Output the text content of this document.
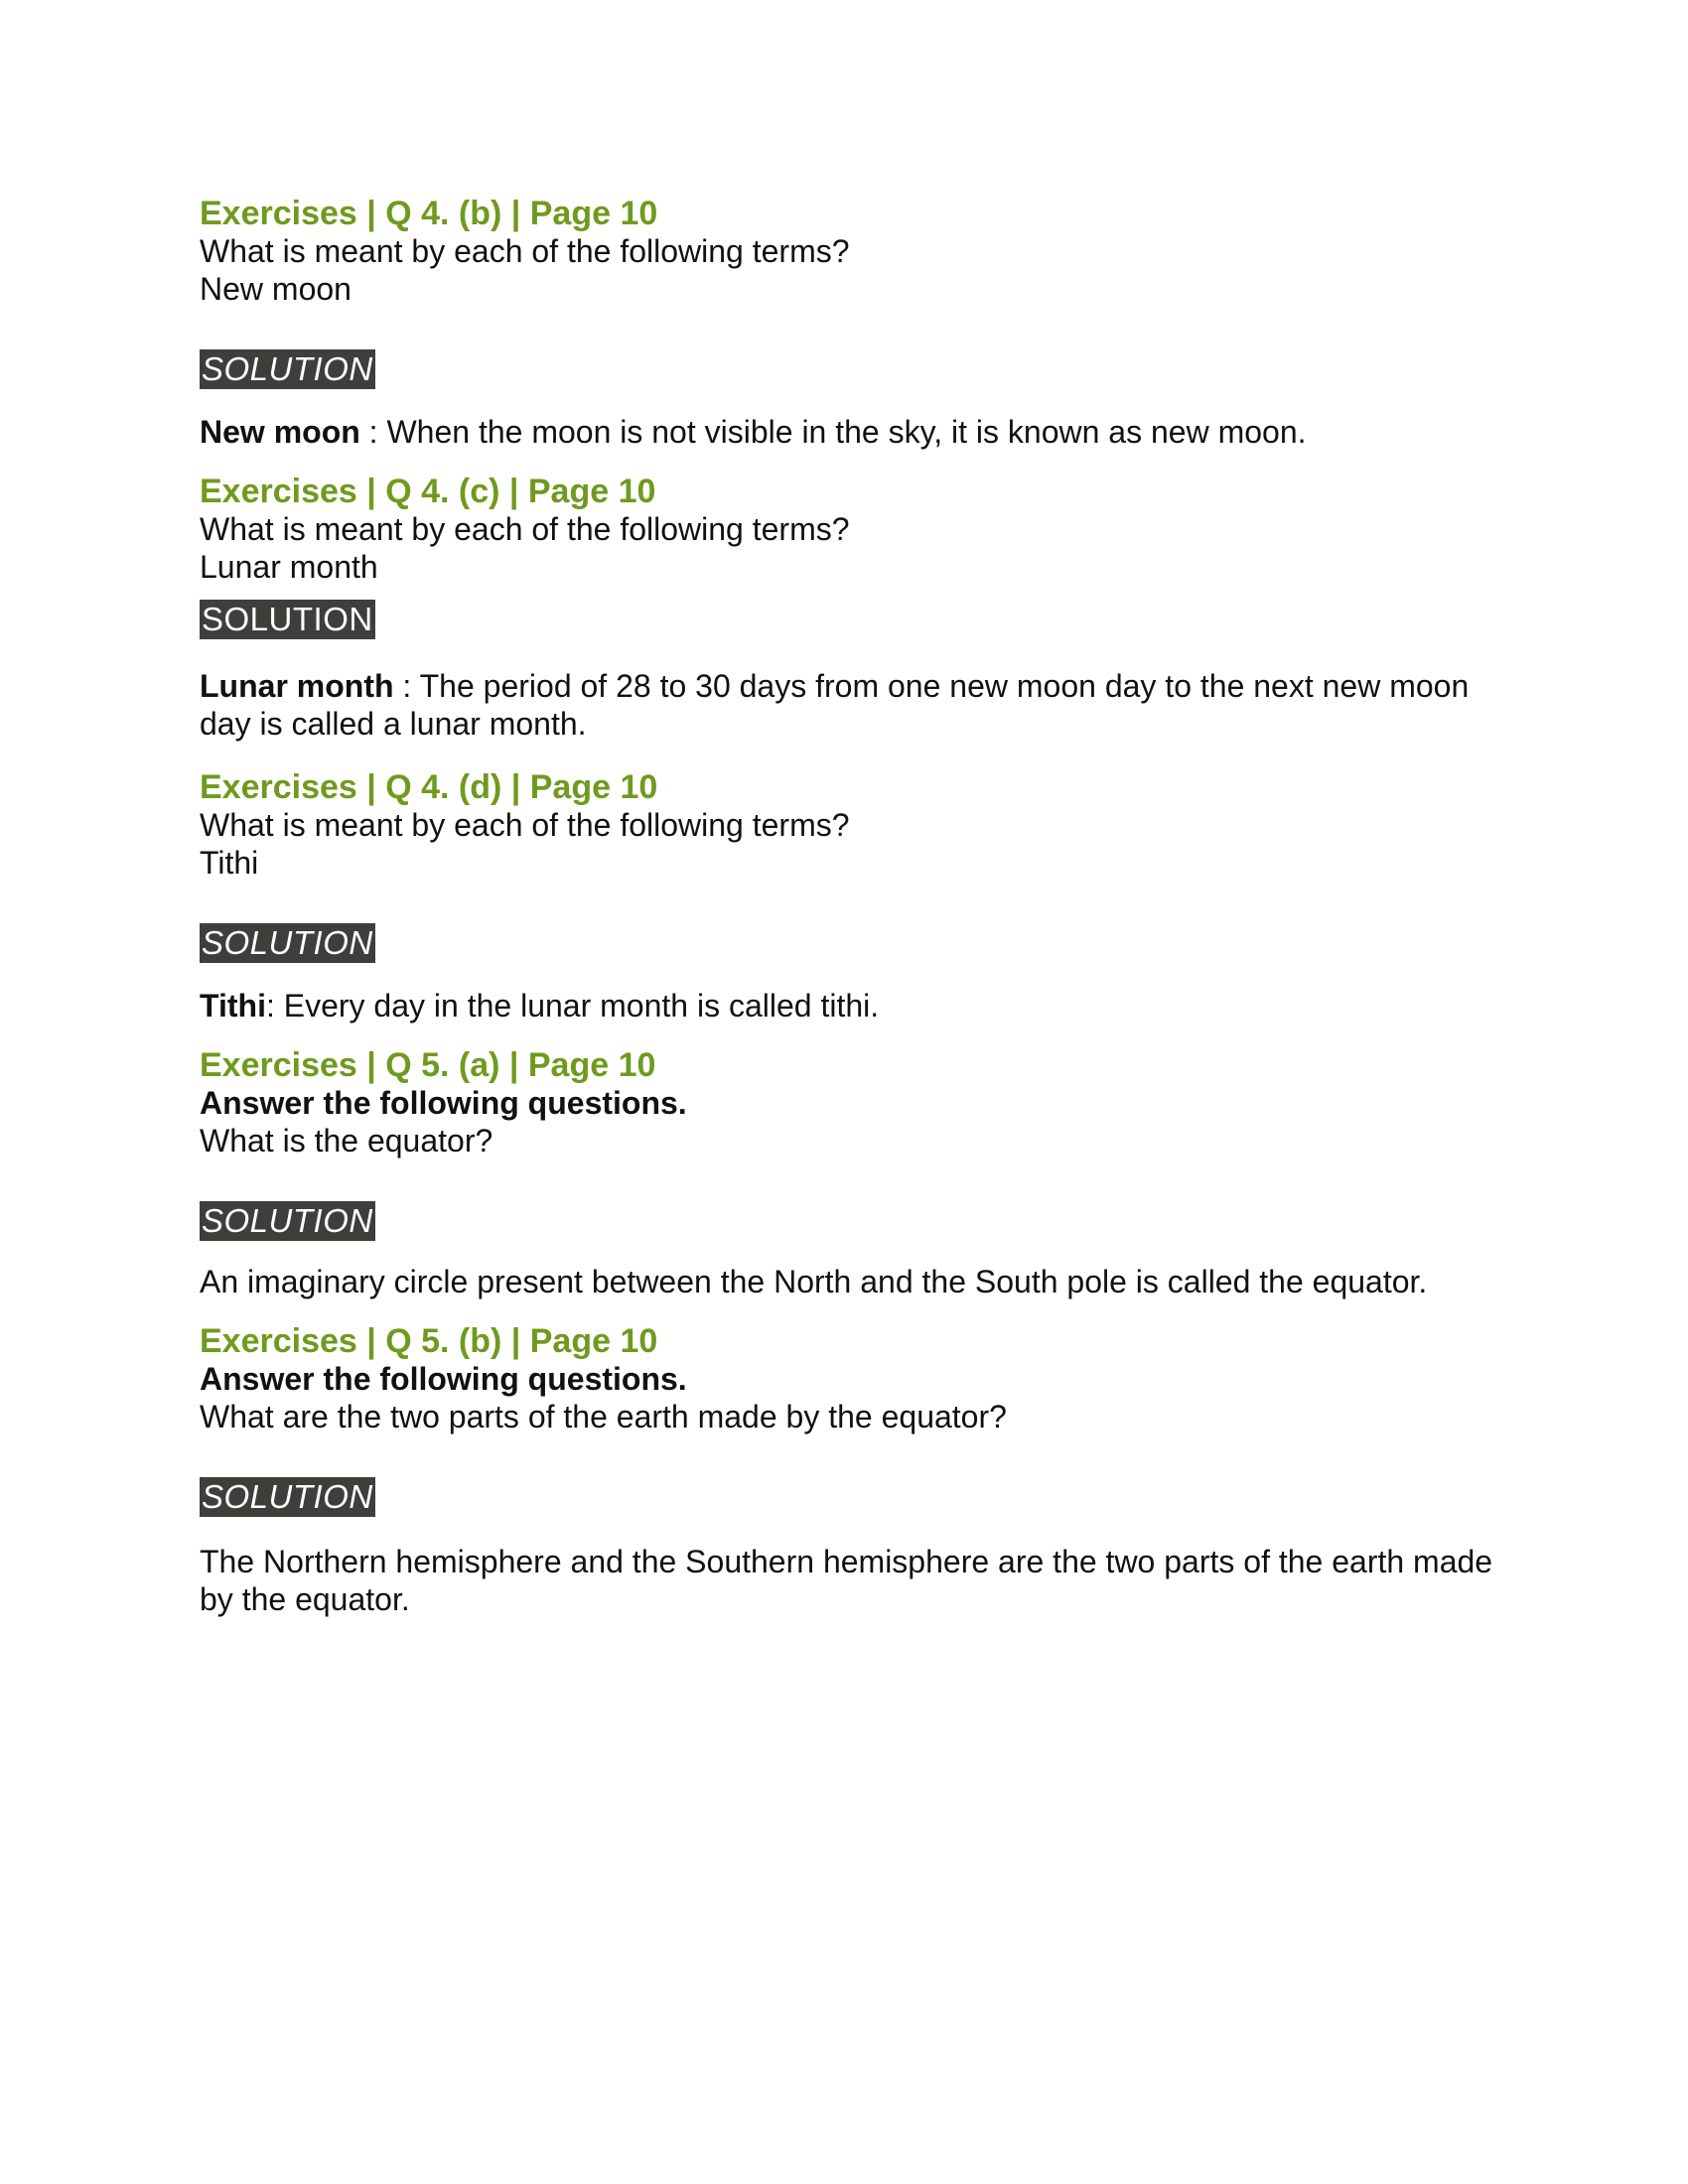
Exercises | Q 4. (b) | Page 10

What is meant by each of the following terms?

New moon

SOLUTION

New moon : When the moon is not visible in the sky, it is known as new moon.

Exercises | Q 4. (c) | Page 10

What is meant by each of the following terms?

Lunar month

SOLUTION

Lunar month : The period of 28 to 30 days from one new moon day to the next new moon day is called a lunar month.

Exercises | Q 4. (d) | Page 10

What is meant by each of the following terms?

Tithi

SOLUTION

Tithi: Every day in the lunar month is called tithi.

Exercises | Q 5. (a) | Page 10

Answer the following questions.

What is the equator?

SOLUTION

An imaginary circle present between the North and the South pole is called the equator.

Exercises | Q 5. (b) | Page 10

Answer the following questions.

What are the two parts of the earth made by the equator?

SOLUTION

The Northern hemisphere and the Southern hemisphere are the two parts of the earth made by the equator.
